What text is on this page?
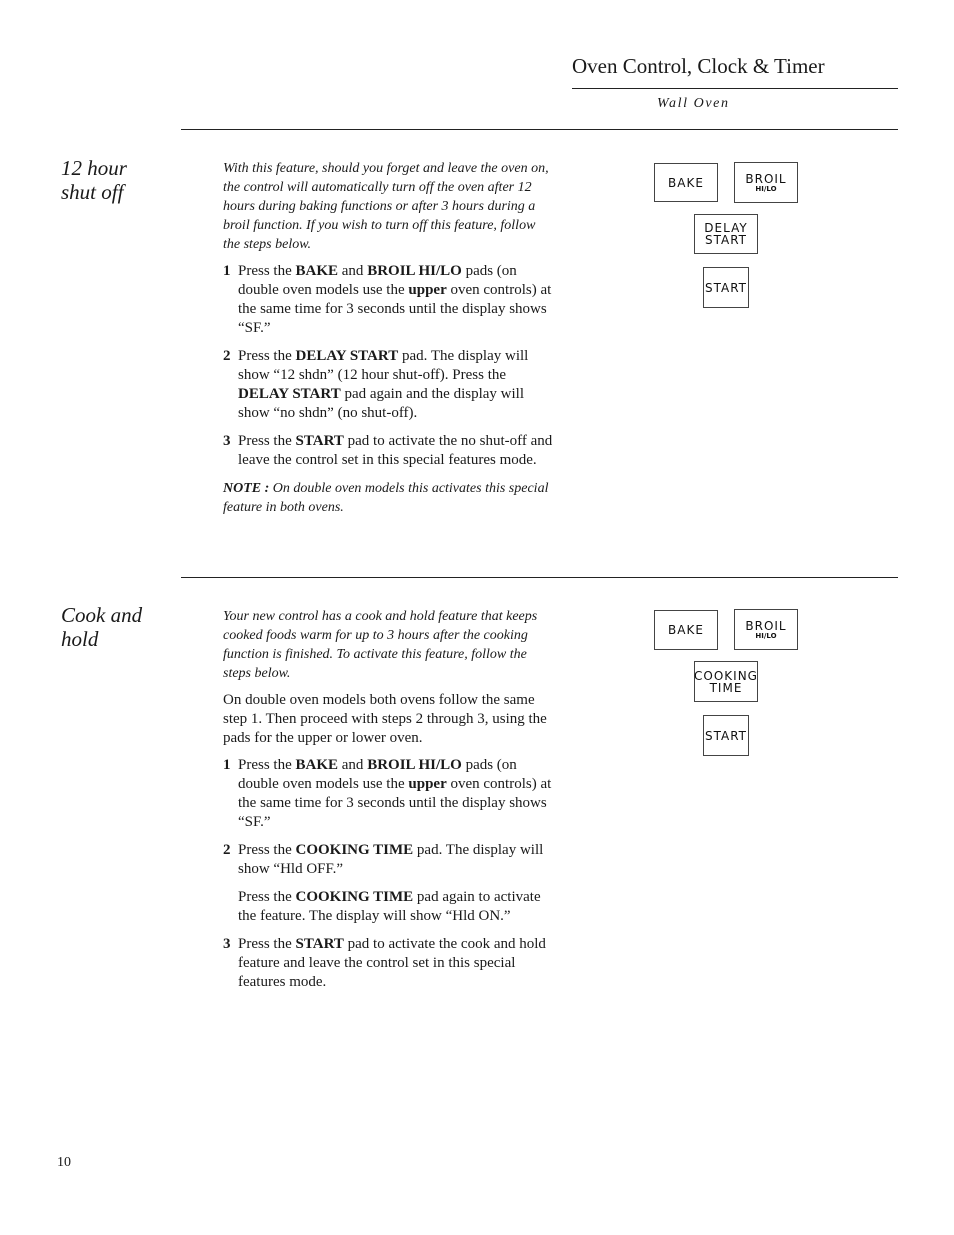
Oven Control, Clock & Timer
Wall Oven
12 hour
shut off

With this feature, should you forget and leave the oven on, the control will automatically turn off the oven after 12 hours during baking functions or after 3 hours during a broil function. If you wish to turn off this feature, follow the steps below.

1 Press the BAKE and BROIL HI/LO pads (on double oven models use the upper oven controls) at the same time for 3 seconds until the display shows “SF.”
2 Press the DELAY START pad. The display will show “12 shdn” (12 hour shut-off). Press the DELAY START pad again and the display will show “no shdn” (no shut-off).
3 Press the START pad to activate the no shut-off and leave the control set in this special features mode.

NOTE : On double oven models this activates this special feature in both ovens.

BAKE	BROIL
HI/LO
DELAY
START
START
Cook and
hold

Your new control has a cook and hold feature that keeps cooked foods warm for up to 3 hours after the cooking function is finished. To activate this feature, follow the steps below.

On double oven models both ovens follow the same step 1. Then proceed with steps 2 through 3, using the pads for the upper or lower oven.

1 Press the BAKE and BROIL HI/LO pads (on double oven models use the upper oven controls) at the same time for 3 seconds until the display shows “SF.”
2 Press the COOKING TIME pad. The display will show “Hld OFF.”

Press the COOKING TIME pad again to activate the feature. The display will show “Hld ON.”

3 Press the START pad to activate the cook and hold feature and leave the control set in this special features mode.
BAKE	BROIL
HI/LO
COOKING
TIME
START
10
